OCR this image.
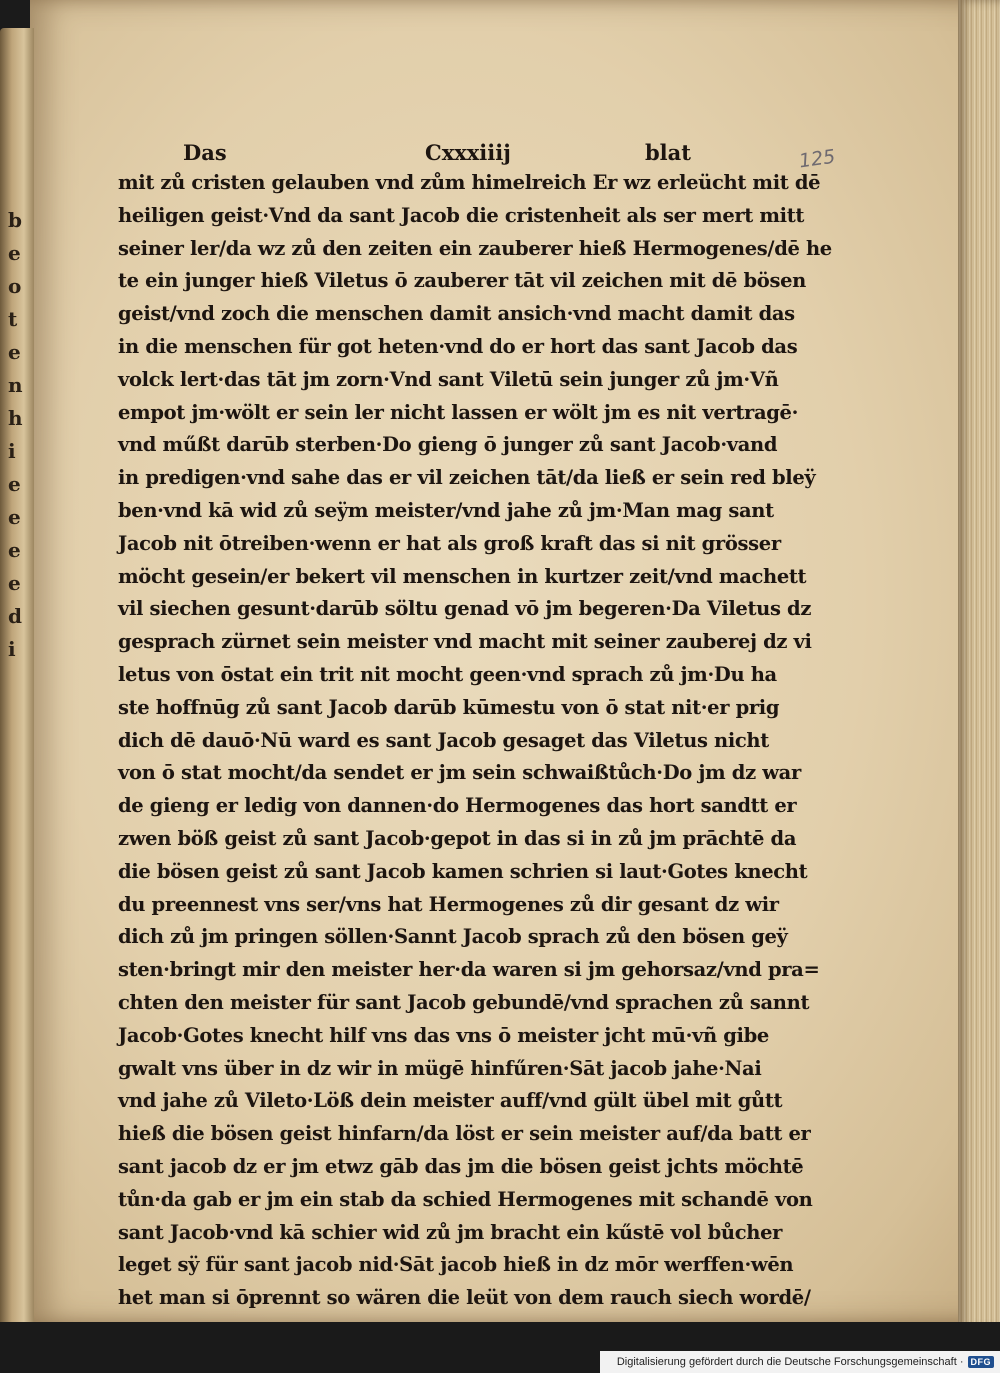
b
e
o
t
e
n
h
i
e
e
e
e
d
i
Das	Cxxxiiij	blat	125
mit zů cristen gelauben vnd zům himelreich Er wz erleücht mit dē
heiligen geist·Vnd da sant Jacob die cristenheit als ser mert mitt
seiner ler/da wz zů den zeiten ein zauberer hieß Hermogenes/dē he
te ein junger hieß Viletus ō zauberer tāt vil zeichen mit dē bösen
geist/vnd zoch die menschen damit ansich·vnd macht damit das
in die menschen für got heten·vnd do er hort das sant Jacob das
volck lert·das tāt jm zorn·Vnd sant Viletū sein junger zů jm·Vñ
empot jm·wölt er sein ler nicht lassen er wölt jm es nit vertragē·
vnd műßt darūb sterben·Do gieng ō junger zů sant Jacob·vand
in predigen·vnd sahe das er vil zeichen tāt/da ließ er sein red bleÿ
ben·vnd kā wid zů seÿm meister/vnd jahe zů jm·Man mag sant
Jacob nit ōtreiben·wenn er hat als groß kraft das si nit grösser
möcht gesein/er bekert vil menschen in kurtzer zeit/vnd machett
vil siechen gesunt·darūb söltu genad vō jm begeren·Da Viletus dz
gesprach zürnet sein meister vnd macht mit seiner zauberej dz vi
letus von ōstat ein trit nit mocht geen·vnd sprach zů jm·Du ha
ste hoffnūg zů sant Jacob darūb kūmestu von ō stat nit·er prig
dich dē dauō·Nū ward es sant Jacob gesaget das Viletus nicht
von ō stat mocht/da sendet er jm sein schwaißtůch·Do jm dz war
de gieng er ledig von dannen·do Hermogenes das hort sandtt er
zwen böß geist zů sant Jacob·gepot in das si in zů jm prāchtē da
die bösen geist zů sant Jacob kamen schrien si laut·Gotes knecht
du preennest vns ser/vns hat Hermogenes zů dir gesant dz wir
dich zů jm pringen söllen·Sannt Jacob sprach zů den bösen geÿ
sten·bringt mir den meister her·da waren si jm gehorsaz/vnd pra=
chten den meister für sant Jacob gebundē/vnd sprachen zů sannt
Jacob·Gotes knecht hilf vns das vns ō meister jcht mū·vñ gibe
gwalt vns über in dz wir in mügē hinfűren·Sāt jacob jahe·Nai
vnd jahe zů Vileto·Löß dein meister auff/vnd gült übel mit gůtt
hieß die bösen geist hinfarn/da löst er sein meister auf/da batt er
sant jacob dz er jm etwz gāb das jm die bösen geist jchts möchtē
tůn·da gab er jm ein stab da schied Hermogenes mit schandē von
sant Jacob·vnd kā schier wid zů jm bracht ein kűstē vol bůcher
leget sÿ für sant jacob nid·Sāt jacob hieß in dz mōr werffen·wēn
het man si ōprennt so wären die leüt von dem rauch siech wordē/
Digitalisierung gefördert durch die Deutsche Forschungsgemeinschaft · DFG
